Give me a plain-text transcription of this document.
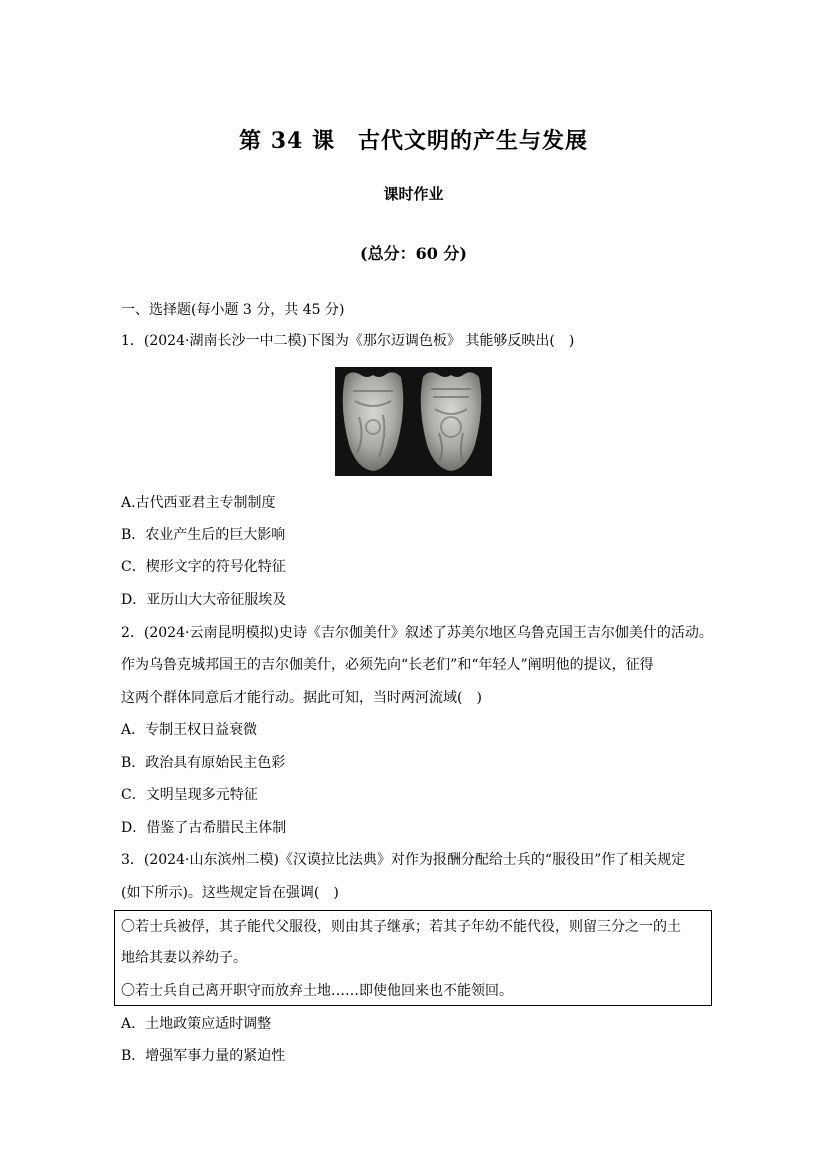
第 34 课　古代文明的产生与发展
课时作业
(总分：60 分)
一、选择题(每小题 3 分，共 45 分)
1．(2024·湖南长沙一中二模)下图为《那尔迈调色板》 其能够反映出(　)
A.古代西亚君主专制制度
B．农业产生后的巨大影响
C．楔形文字的符号化特征
D．亚历山大大帝征服埃及
2．(2024·云南昆明模拟)史诗《吉尔伽美什》叙述了苏美尔地区乌鲁克国王吉尔伽美什的活动。
作为乌鲁克城邦国王的吉尔伽美什，必须先向“长老们”和“年轻人”阐明他的提议，征得
这两个群体同意后才能行动。据此可知，当时两河流域(　)
A．专制王权日益衰微
B．政治具有原始民主色彩
C．文明呈现多元特征
D．借鉴了古希腊民主体制
3．(2024·山东滨州二模)《汉谟拉比法典》对作为报酬分配给士兵的“服役田”作了相关规定
(如下所示)。这些规定旨在强调(　)
〇若士兵被俘，其子能代父服役，则由其子继承；若其子年幼不能代役，则留三分之一的土
地给其妻以养幼子。
〇若士兵自己离开职守而放弃土地……即使他回来也不能领回。
A．土地政策应适时调整
B．增强军事力量的紧迫性
